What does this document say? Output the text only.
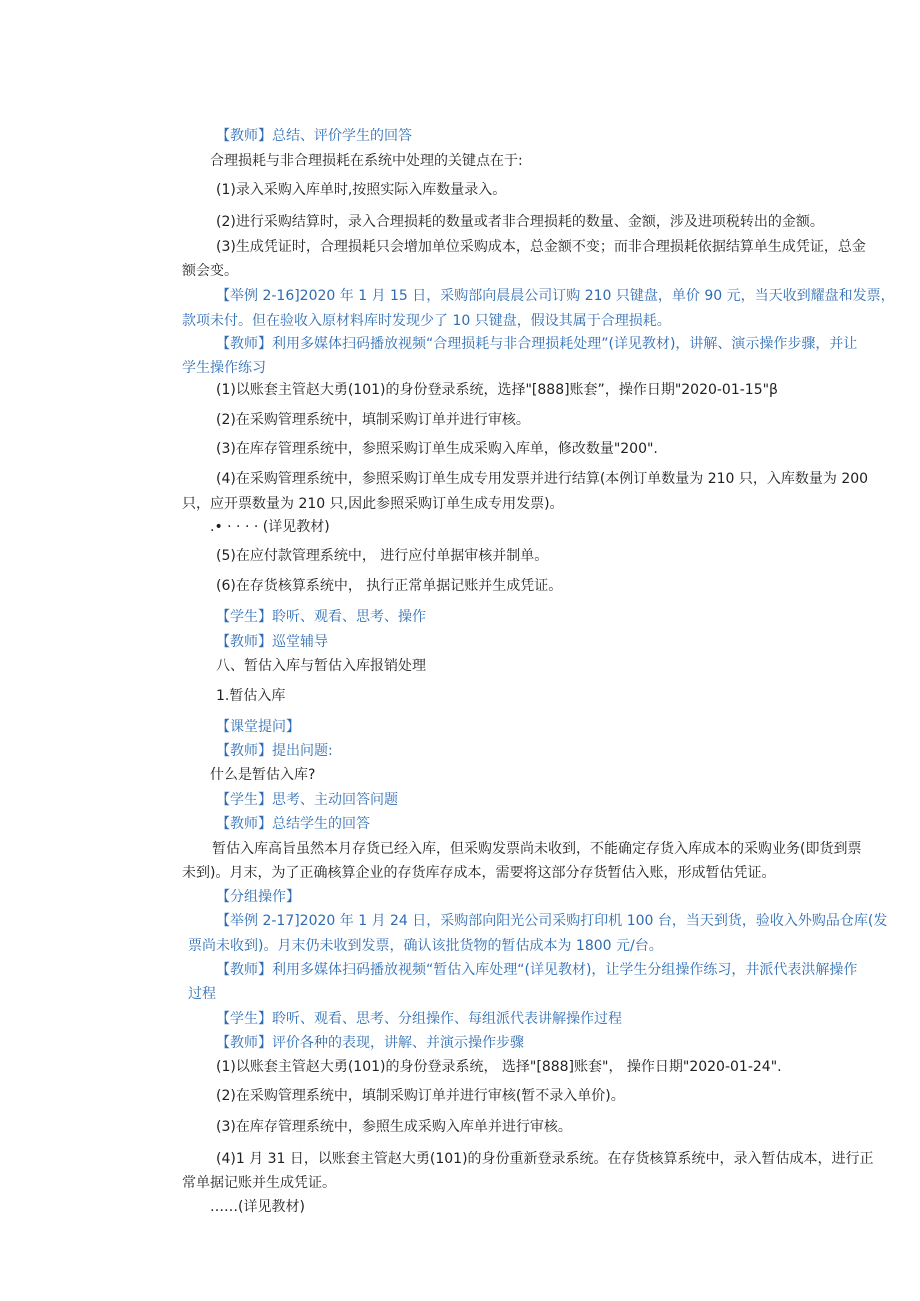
【教师】总结、评价学生的回答

合理损耗与非合理损耗在系统中处理的关键点在于:

(1)录入采购入库单时,按照实际入库数量录入。

(2)进行采购结算时，录入合理损耗的数量或者非合理损耗的数量、金额，涉及进项税转出的金额。

(3)生成凭证时，合理损耗只会增加单位采购成本，总金额不变；而非合理损耗依据结算单生成凭证，总金

额会变。

【举例 2-16]2020 年 1 月 15 日，采购部向晨晨公司订购 210 只键盘，单价 90 元，当天收到耀盘和发票，

款项未付。但在验收入原材料库时发现少了 10 只键盘，假设其属于合理损耗。

【教师】利用多媒体扫码播放视频“合理损耗与非合理损耗处理”(详见教材)，讲解、演示操作步骤，并让

学生操作练习

(1)以账套主管赵大勇(101)的身份登录系统，选择"[888]账套”，操作日期"2020-01-15"β

(2)在采购管理系统中，填制采购订单并进行审核。

(3)在库存管理系统中，参照采购订单生成采购入库单，修改数量"200".

(4)在采购管理系统中，参照采购订单生成专用发票并进行结算(本例订单数量为 210 只，入库数量为 200

只，应开票数量为 210 只,因此参照采购订单生成专用发票)。

.• · · · · (详见教材)

(5)在应付款管理系统中， 进行应付单据审核并制单。

(6)在存货核算系统中， 执行正常单据记账并生成凭证。

【学生】聆听、观看、思考、操作

【教师】巡堂辅导

八、暂估入库与暂估入库报销处理

1.暂估入库

【课堂提问】

【教师】提出问题:

什么是暂估入库?

【学生】思考、主动回答问题

【教师】总结学生的回答

暂估入库高旨虽然本月存货已经入库，但采购发票尚未收到，不能确定存货入库成本的采购业务(即货到票

未到)。月末，为了正确核算企业的存货库存成本，需要将这部分存货暂估入账，形成暂估凭证。

【分组操作】

【举例 2-17]2020 年 1 月 24 日，采购部向阳光公司采购打印机 100 台，当天到货，验收入外购品仓库(发

票尚未收到)。月末仍未收到发票，确认该批货物的暂估成本为 1800 元/台。

【教师】利用多媒体扫码播放视频“暂估入库处理“(详见教材)，让学生分组操作练习，井派代表洪解操作

过程

【学生】聆听、观看、思考、分组操作、每组派代表讲解操作过程

【教师】评价各种的表现，讲解、并演示操作步骤

(1)以账套主管赵大勇(101)的身份登录系统， 选择"[888]账套"， 操作日期"2020-01-24".

(2)在采购管理系统中，填制采购订单并进行审核(暂不录入单价)。

(3)在库存管理系统中，参照生成采购入库单并进行审核。

(4)1 月 31 日，以账套主管赵大勇(101)的身份重新登录系统。在存货核算系统中，录入暂估成本，进行正

常单据记账并生成凭证。

……(详见教材)
